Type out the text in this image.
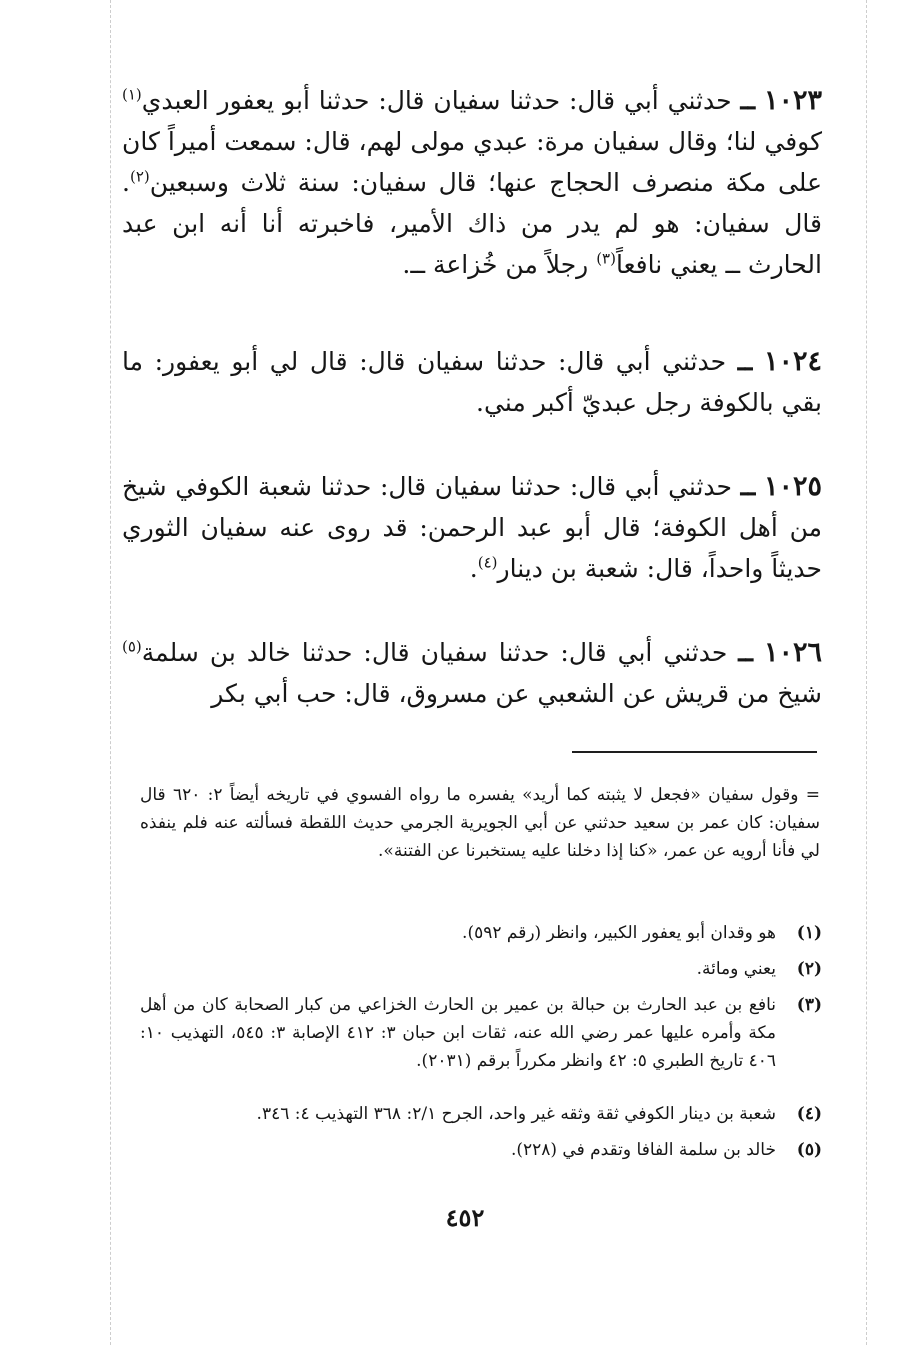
١٠٢٣ ــ حدثني أبي قال: حدثنا سفيان قال: حدثنا أبو يعفور العبدي$^{(١)}$ كوفي لنا؛ وقال سفيان مرة: عبدي مولى لهم، قال: سمعت أميراً كان على مكة منصرف الحجاج عنها؛ قال سفيان: سنة ثلاث وسبعين$^{(٢)}$. قال سفيان: هو لم يدر من ذاك الأمير، فاخبرته أنا أنه ابن عبد الحارث ــ يعني نافعاً$^{(٣)}$ رجلاً من خُزاعة ــ.
١٠٢٤ ــ حدثني أبي قال: حدثنا سفيان قال: قال لي أبو يعفور: ما بقي بالكوفة رجل عبديّ أكبر مني.
١٠٢٥ ــ حدثني أبي قال: حدثنا سفيان قال: حدثنا شعبة الكوفي شيخ من أهل الكوفة؛ قال أبو عبد الرحمن: قد روى عنه سفيان الثوري حديثاً واحداً، قال: شعبة بن دينار$^{(٤)}$.
١٠٢٦ ــ حدثني أبي قال: حدثنا سفيان قال: حدثنا خالد بن سلمة$^{(٥)}$ شيخ من قريش عن الشعبي عن مسروق، قال: حب أبي بكر
= وقول سفيان «فجعل لا يثبته كما أريد» يفسره ما رواه الفسوي في تاريخه أيضاً ٢: ٦٢٠ قال سفيان: كان عمر بن سعيد حدثني عن أبي الجويرية الجرمي حديث اللقطة فسألته عنه فلم ينفذه لي فأنا أرويه عن عمر، «كنا إذا دخلنا عليه يستخبرنا عن الفتنة».
(١)
هو وقدان أبو يعفور الكبير، وانظر (رقم ٥٩٢).
(٢)
يعني ومائة.
(٣)
نافع بن عبد الحارث بن حبالة بن عمير بن الحارث الخزاعي من كبار الصحابة كان من أهل مكة وأمره عليها عمر رضي الله عنه، ثقات ابن حبان ٣: ٤١٢ الإصابة ٣: ٥٤٥، التهذيب ١٠: ٤٠٦ تاريخ الطبري ٥: ٤٢ وانظر مكرراً برقم (٢٠٣١).
(٤)
شعبة بن دينار الكوفي ثقة وثقه غير واحد، الجرح ٢/١: ٣٦٨ التهذيب ٤: ٣٤٦.
(٥)
خالد بن سلمة الفافا وتقدم في (٢٢٨).
٤٥٢
